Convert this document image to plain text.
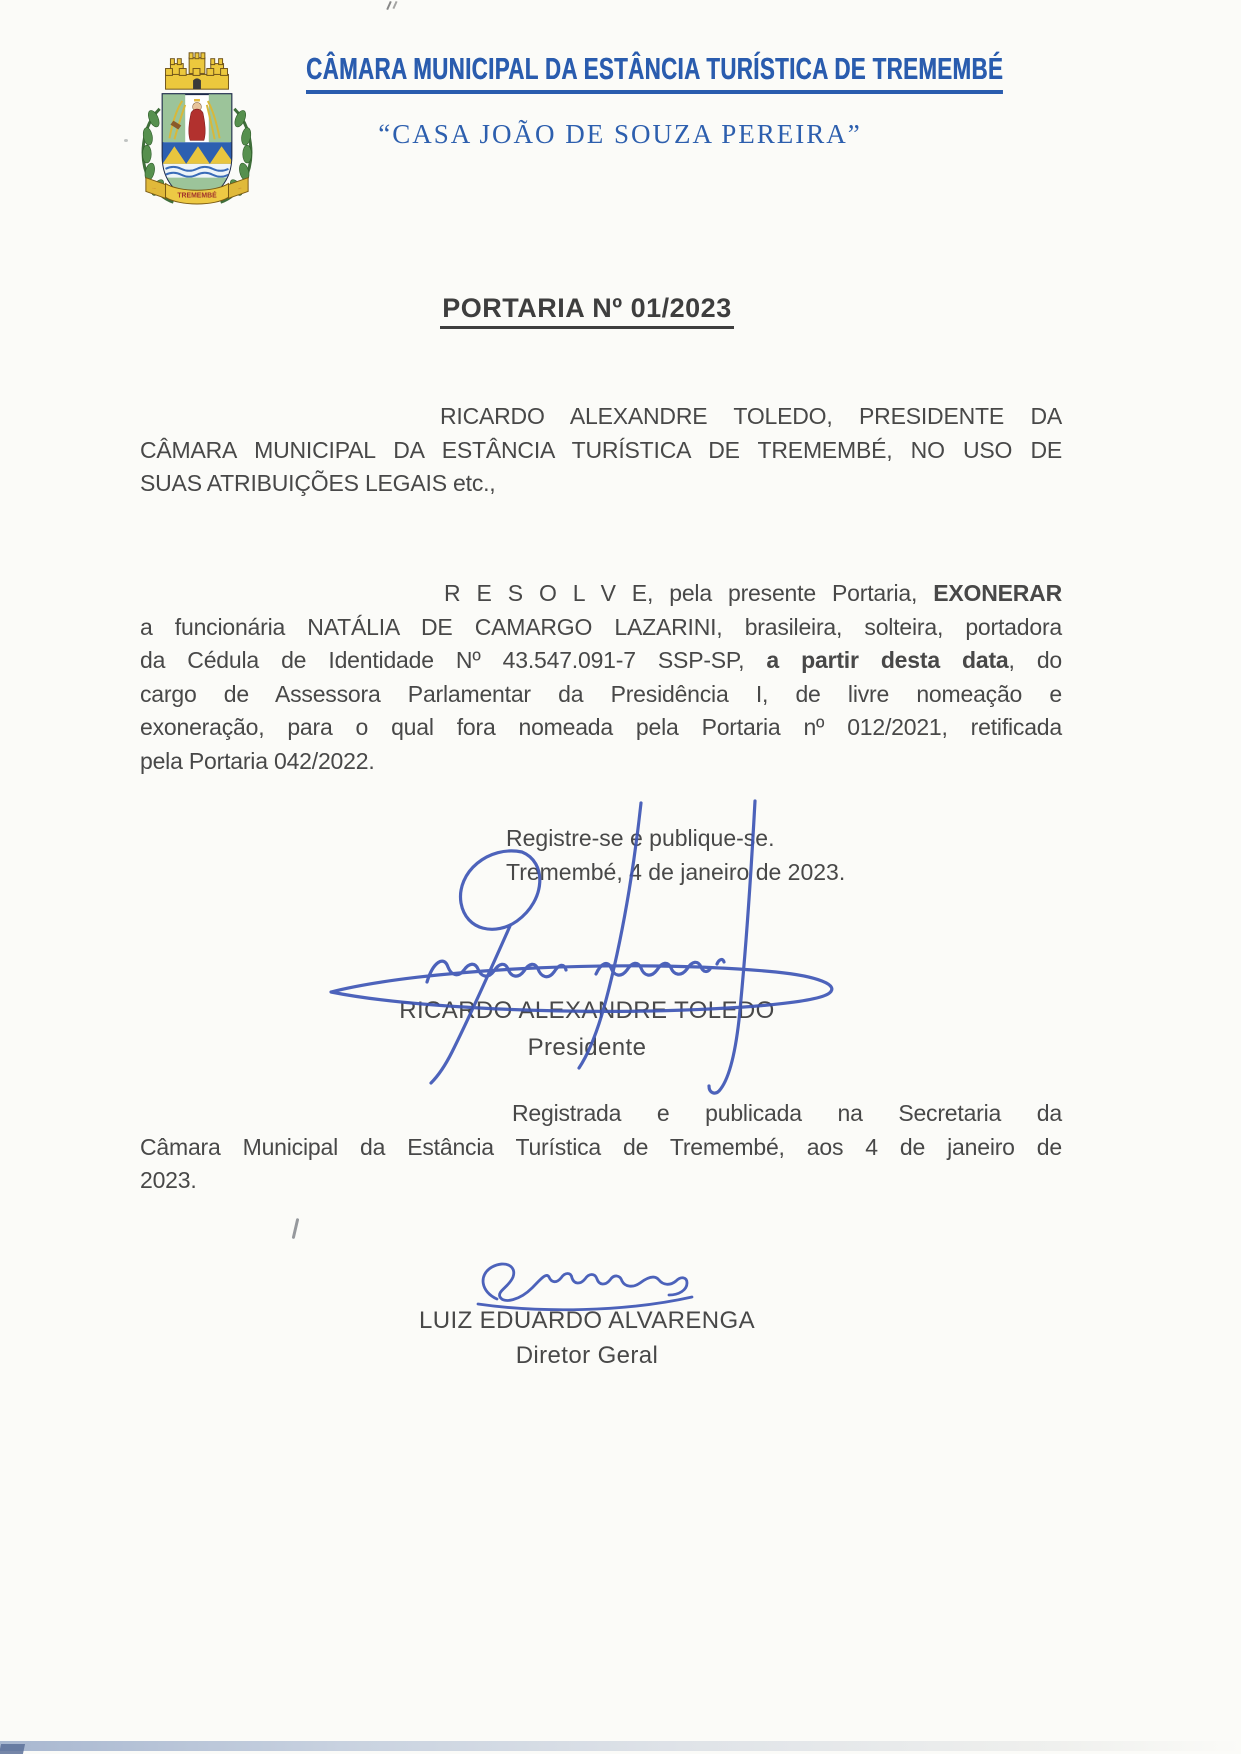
TREMEMBÉ
∙∙∙	∙∙∙
CÂMARA MUNICIPAL DA ESTÂNCIA TURÍSTICA DE TREMEMBÉ
“CASA JOÃO DE SOUZA PEREIRA”
PORTARIA Nº 01/2023
RICARDO ALEXANDRE TOLEDO, PRESIDENTE DA
CÂMARA MUNICIPAL DA ESTÂNCIA TURÍSTICA DE TREMEMBÉ, NO USO DE
SUAS ATRIBUIÇÕES LEGAIS etc.,
R E S O L V E, pela presente Portaria, EXONERAR
a funcionária NATÁLIA DE CAMARGO LAZARINI, brasileira, solteira, portadora
da Cédula de Identidade Nº 43.547.091-7 SSP-SP, a partir desta data, do
cargo de Assessora Parlamentar da Presidência I, de livre nomeação e
exoneração, para o qual fora nomeada pela Portaria nº 012/2021, retificada
pela Portaria 042/2022.
Registre-se e publique-se.
Tremembé, 4 de janeiro de 2023.
RICARDO ALEXANDRE TOLEDO
Presidente
Registrada e publicada na Secretaria da
Câmara Municipal da Estância Turística de Tremembé, aos 4 de janeiro de
2023.
LUIZ EDUARDO ALVARENGA
Diretor Geral
